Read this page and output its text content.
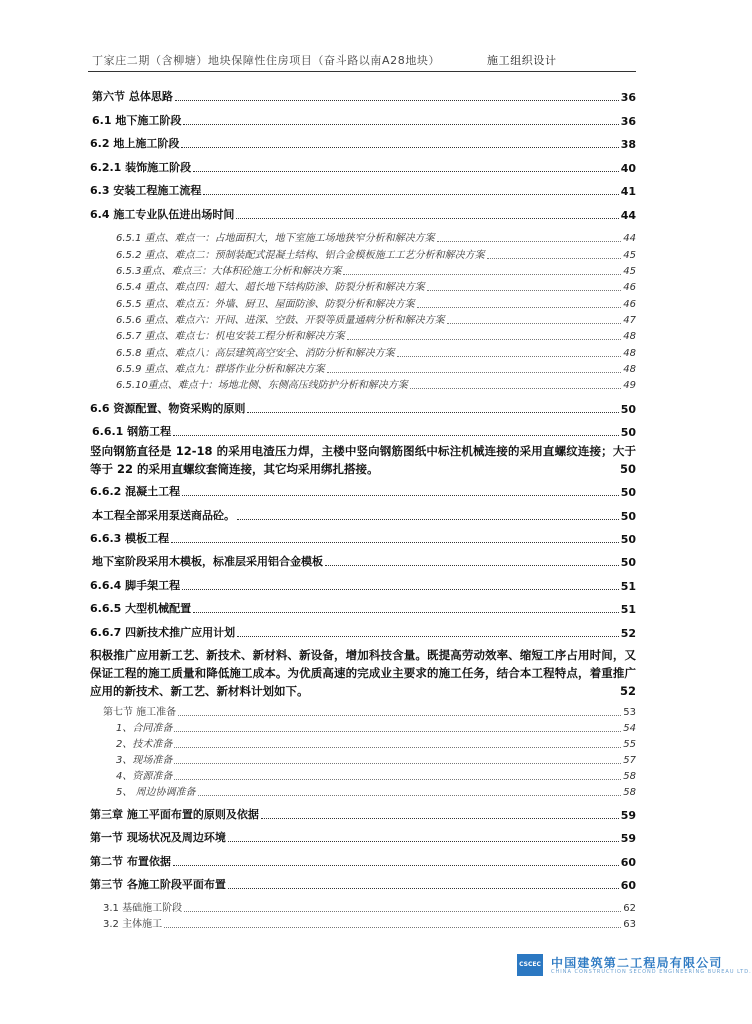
丁家庄二期（含柳塘）地块保障性住房项目（奋斗路以南A28地块）	施工组织设计
第六节 总体思路	36
6.1 地下施工阶段	36
6.2 地上施工阶段	38
6.2.1 装饰施工阶段	40
6.3 安装工程施工流程	41
6.4 施工专业队伍进出场时间	44
6.5.1 重点、难点一：占地面积大，地下室施工场地狭窄分析和解决方案	44
6.5.2 重点、难点二：预制装配式混凝土结构、铝合金模板施工工艺分析和解决方案	45
6.5.3重点、难点三：大体积砼施工分析和解决方案	45
6.5.4 重点、难点四：超大、超长地下结构防渗、防裂分析和解决方案	46
6.5.5 重点、难点五：外墙、厨卫、屋面防渗、防裂分析和解决方案	46
6.5.6 重点、难点六：开间、进深、空鼓、开裂等质量通病分析和解决方案	47
6.5.7 重点、难点七：机电安装工程分析和解决方案	48
6.5.8 重点、难点八：高层建筑高空安全、消防分析和解决方案	48
6.5.9 重点、难点九：群塔作业分析和解决方案	48
6.5.10重点、难点十：场地北侧、东侧高压线防护分析和解决方案	49
6.6 资源配置、物资采购的原则	50
6.6.1 钢筋工程	50
竖向钢筋直径是 12-18 的采用电渣压力焊，主楼中竖向钢筋图纸中标注机械连接的采用直螺纹连接；大于等于 22 的采用直螺纹套筒连接，其它均采用绑扎搭接。	50
6.6.2 混凝土工程	50
本工程全部采用泵送商品砼。	50
6.6.3 模板工程	50
地下室阶段采用木模板，标准层采用铝合金模板	50
6.6.4 脚手架工程	51
6.6.5 大型机械配置	51
6.6.7 四新技术推广应用计划	52
积极推广应用新工艺、新技术、新材料、新设备，增加科技含量。既提高劳动效率、缩短工序占用时间，又保证工程的施工质量和降低施工成本。为优质高速的完成业主要求的施工任务，结合本工程特点，着重推广应用的新技术、新工艺、新材料计划如下。	52
第七节 施工准备	53
1、合同准备	54
2、技术准备	55
3、现场准备	57
4、资源准备	58
5、 周边协调准备	58
第三章 施工平面布置的原则及依据	59
第一节 现场状况及周边环境	59
第二节 布置依据	60
第三节 各施工阶段平面布置	60
3.1 基础施工阶段	62
3.2 主体施工	63
CSCEC 中国建筑第二工程局有限公司
CHINA CONSTRUCTION SECOND ENGINEERING BUREAU LTD.
